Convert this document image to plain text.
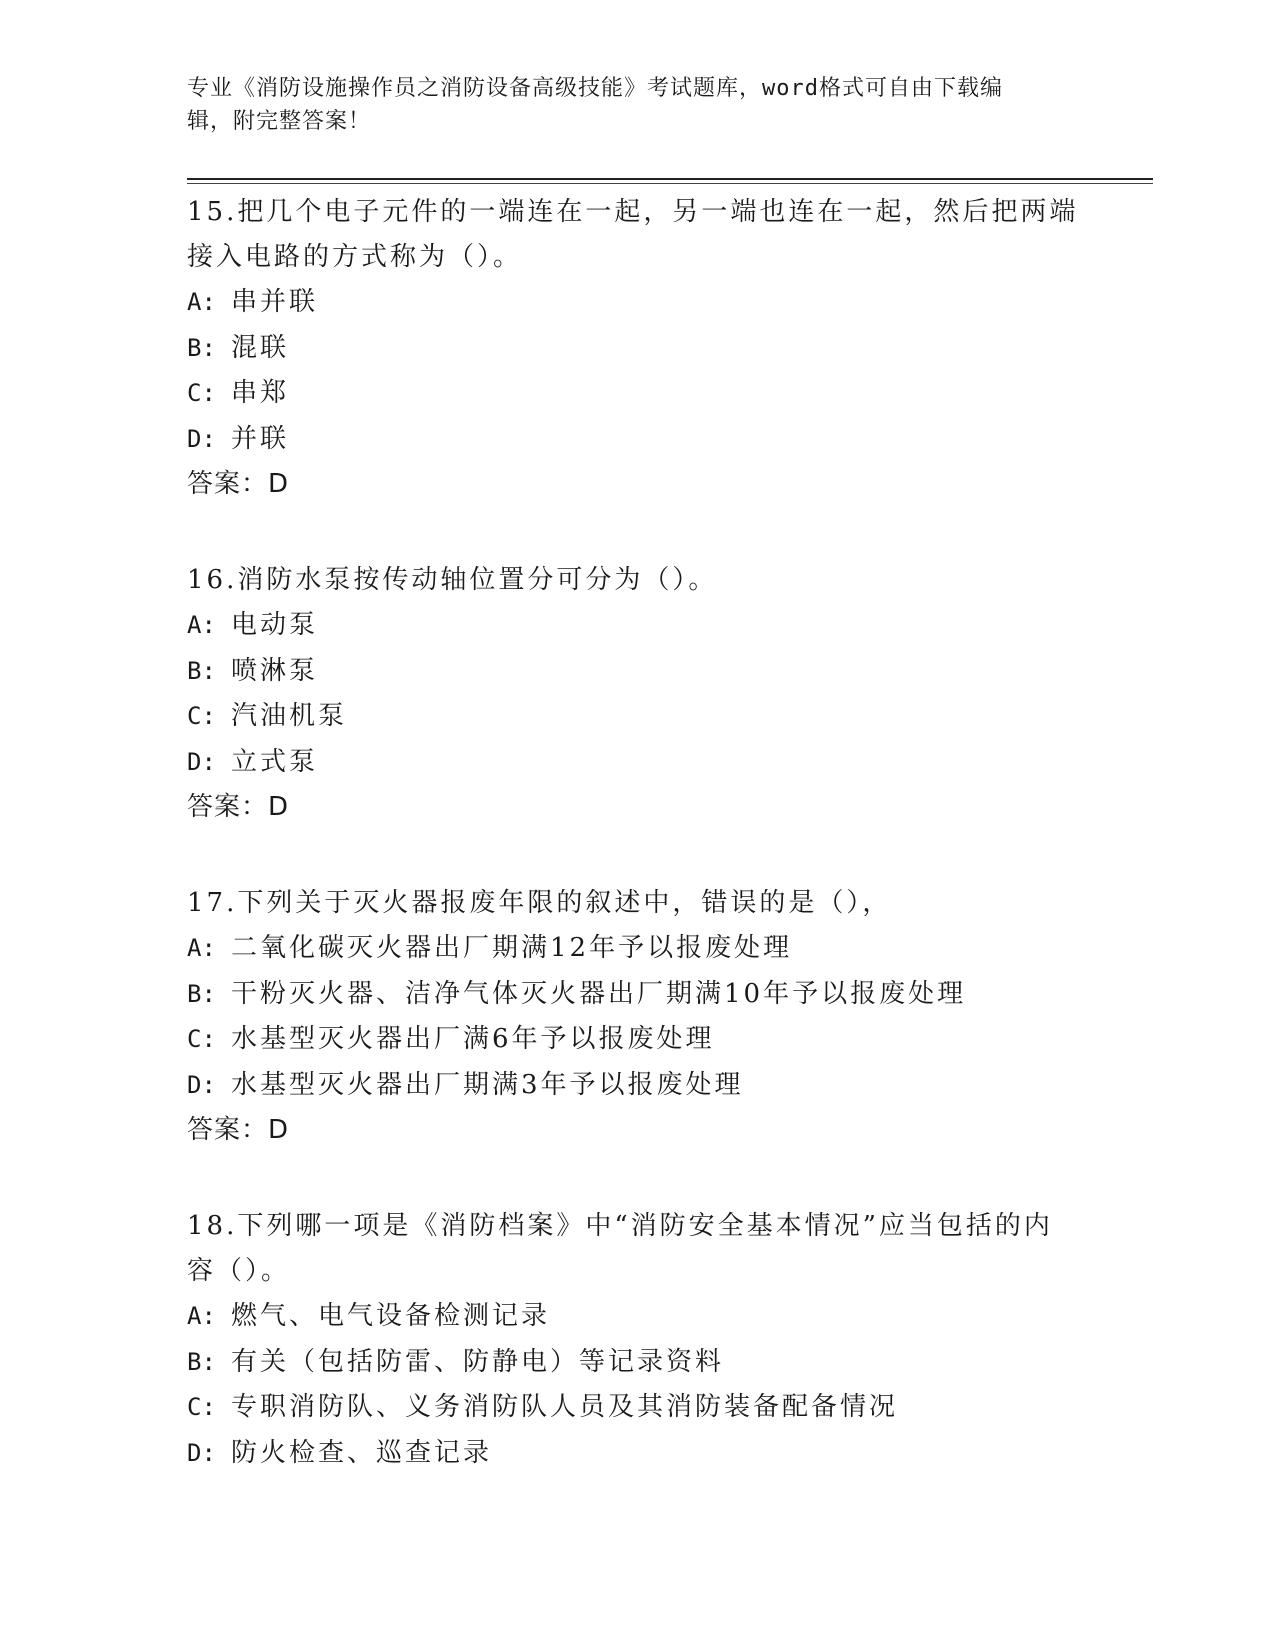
专业《消防设施操作员之消防设备高级技能》考试题库，word格式可自由下载编
辑，附完整答案！

15.把几个电子元件的一端连在一起，另一端也连在一起，然后把两端
接入电路的方式称为（）。

A: 串并联

B: 混联

C: 串郑

D: 并联

答案：D

16.消防水泵按传动轴位置分可分为（）。

A: 电动泵

B: 喷淋泵

C: 汽油机泵

D: 立式泵

答案：D

17.下列关于灭火器报废年限的叙述中，错误的是（），

A: 二氧化碳灭火器出厂期满12年予以报废处理

B: 干粉灭火器、洁净气体灭火器出厂期满10年予以报废处理

C: 水基型灭火器出厂满6年予以报废处理

D: 水基型灭火器出厂期满3年予以报废处理

答案：D

18.下列哪一项是《消防档案》中“消防安全基本情况”应当包括的内
容（）。

A: 燃气、电气设备检测记录

B: 有关（包括防雷、防静电）等记录资料

C: 专职消防队、义务消防队人员及其消防装备配备情况

D: 防火检查、巡查记录
